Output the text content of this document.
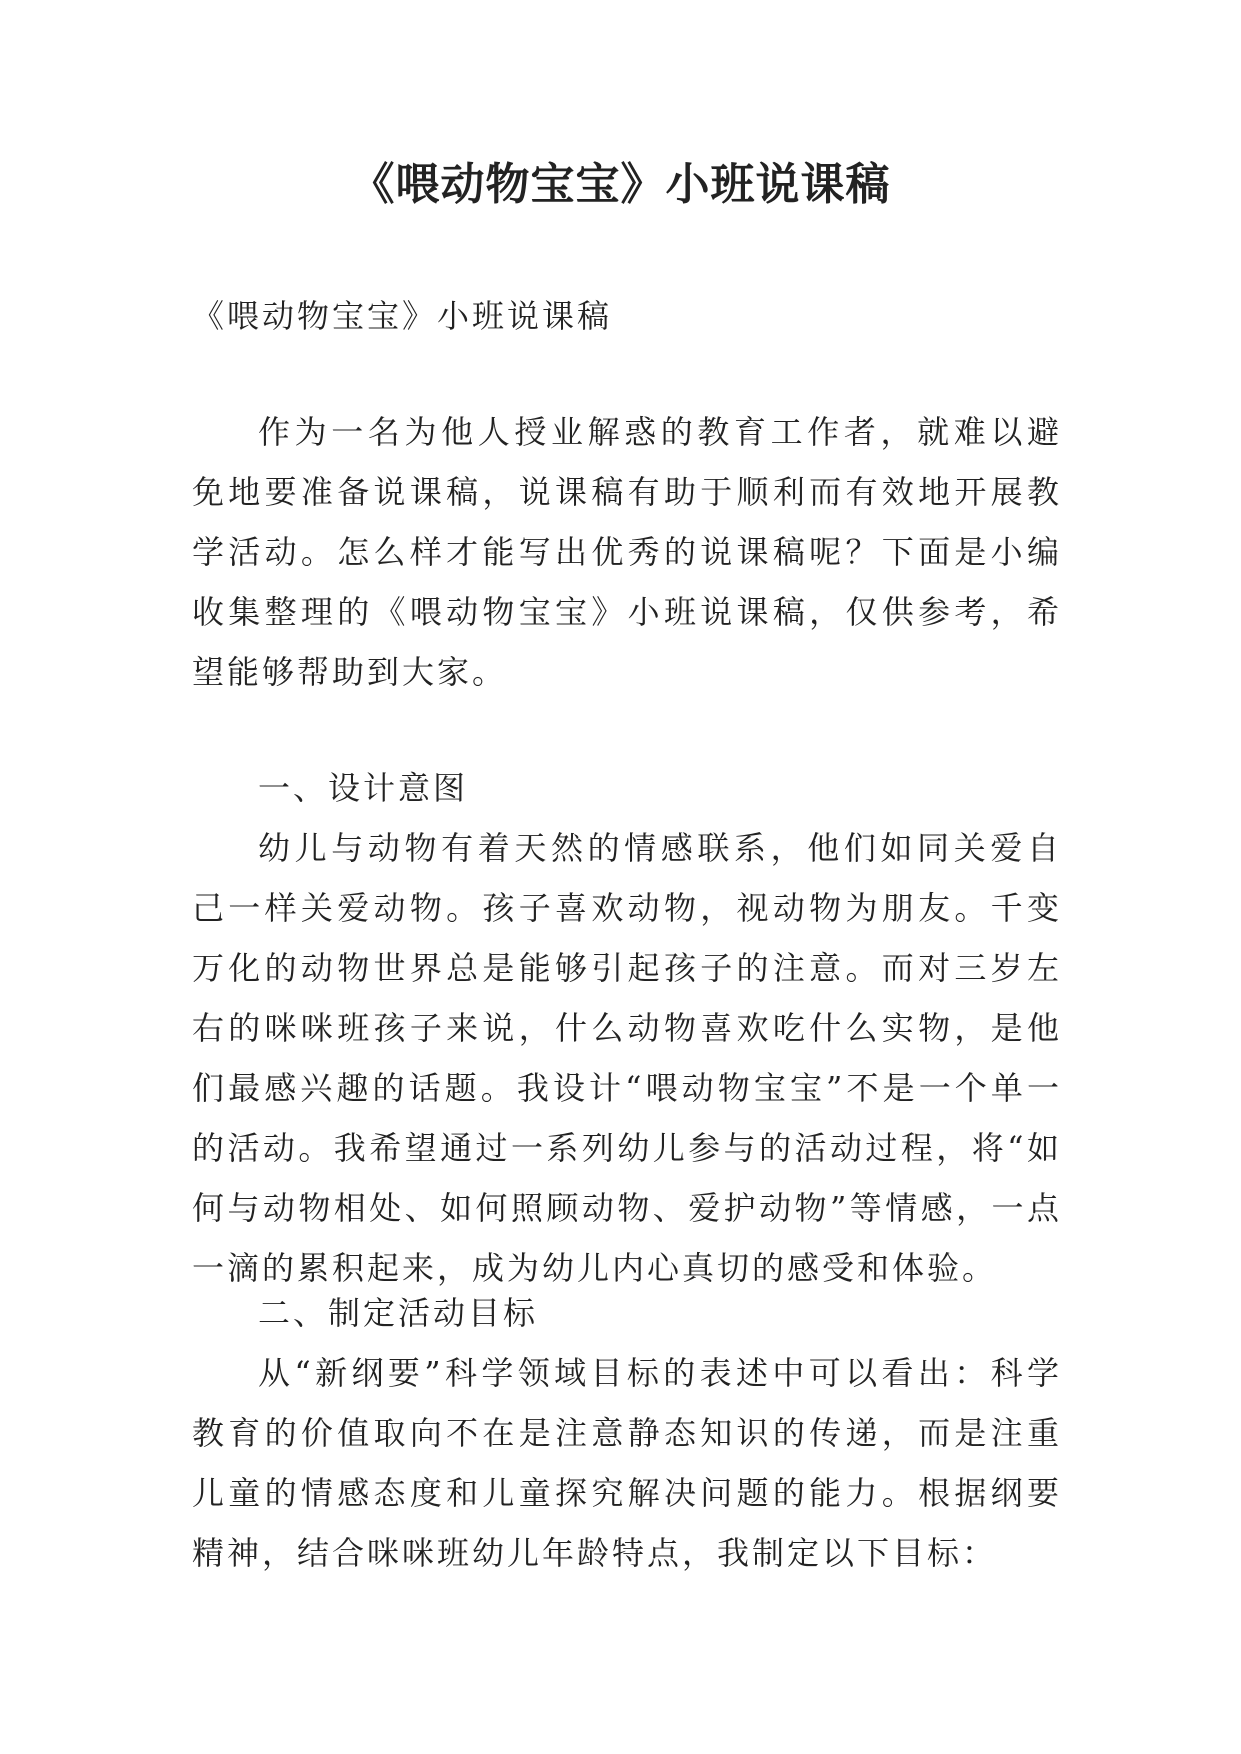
《喂动物宝宝》小班说课稿

《喂动物宝宝》小班说课稿

作为一名为他人授业解惑的教育工作者，就难以避免地要准备说课稿，说课稿有助于顺利而有效地开展教学活动。怎么样才能写出优秀的说课稿呢？下面是小编收集整理的《喂动物宝宝》小班说课稿，仅供参考，希望能够帮助到大家。

一、设计意图

幼儿与动物有着天然的情感联系，他们如同关爱自己一样关爱动物。孩子喜欢动物，视动物为朋友。千变万化的动物世界总是能够引起孩子的注意。而对三岁左右的咪咪班孩子来说，什么动物喜欢吃什么实物，是他们最感兴趣的话题。我设计“喂动物宝宝”不是一个单一的活动。我希望通过一系列幼儿参与的活动过程，将“如何与动物相处、如何照顾动物、爱护动物”等情感，一点一滴的累积起来，成为幼儿内心真切的感受和体验。

二、制定活动目标

从“新纲要”科学领域目标的表述中可以看出：科学教育的价值取向不在是注意静态知识的传递，而是注重儿童的情感态度和儿童探究解决问题的能力。根据纲要精神，结合咪咪班幼儿年龄特点，我制定以下目标：
